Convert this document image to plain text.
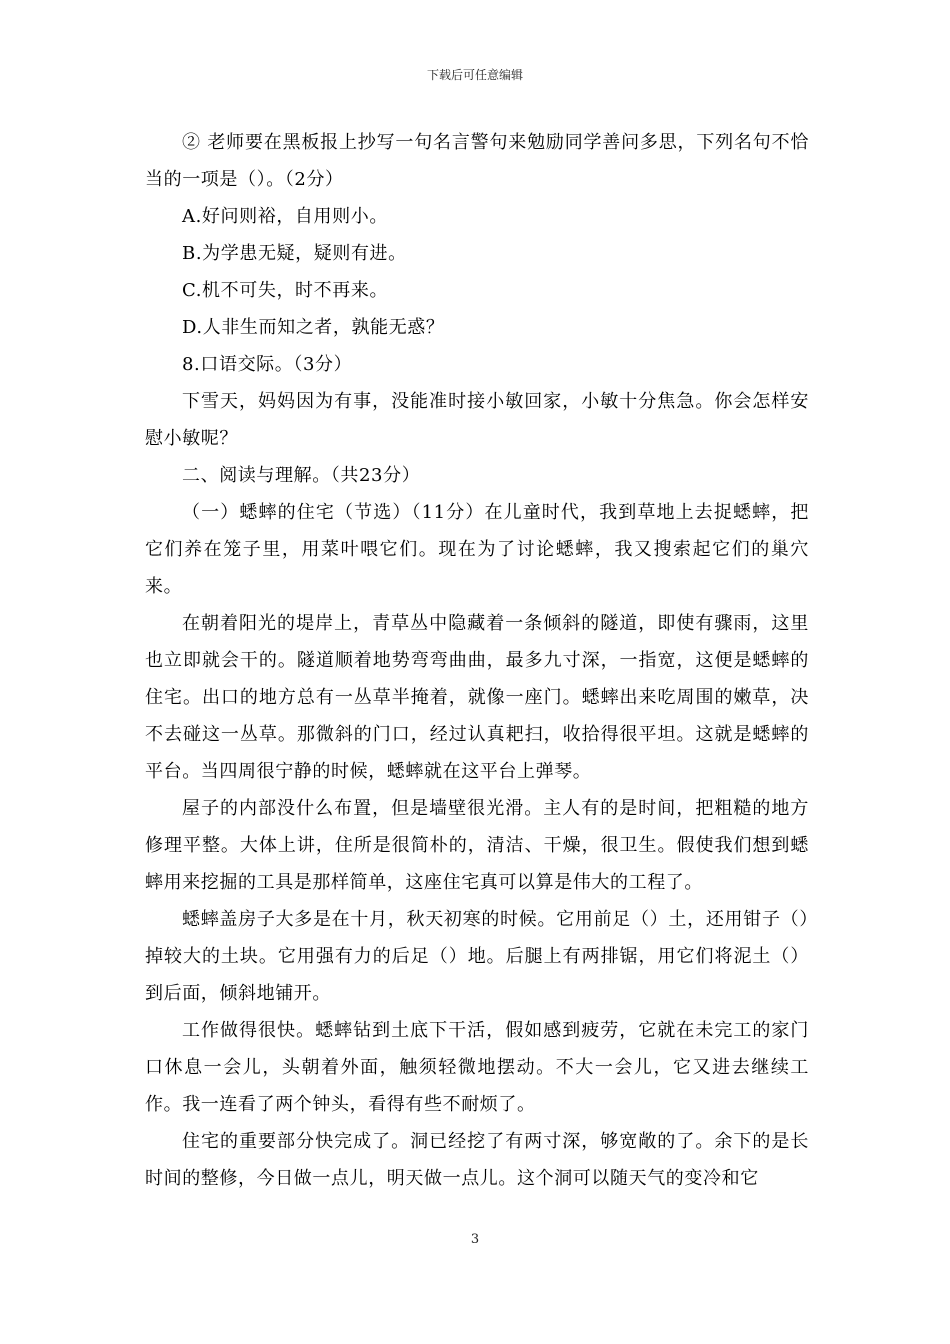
下载后可任意编辑

② 老师要在黑板报上抄写一句名言警句来勉励同学善问多思，下列名句不恰当的一项是（）。（2分）

A.好问则裕，自用则小。

B.为学患无疑，疑则有进。

C.机不可失，时不再来。

D.人非生而知之者，孰能无惑？

8.口语交际。（3分）

下雪天，妈妈因为有事，没能准时接小敏回家，小敏十分焦急。你会怎样安慰小敏呢？

二、阅读与理解。（共23分）

（一）蟋蟀的住宅（节选）（11分）在儿童时代，我到草地上去捉蟋蟀，把它们养在笼子里，用菜叶喂它们。现在为了讨论蟋蟀，我又搜索起它们的巢穴来。

在朝着阳光的堤岸上，青草丛中隐藏着一条倾斜的隧道，即使有骤雨，这里也立即就会干的。隧道顺着地势弯弯曲曲，最多九寸深，一指宽，这便是蟋蟀的住宅。出口的地方总有一丛草半掩着，就像一座门。蟋蟀出来吃周围的嫩草，决不去碰这一丛草。那微斜的门口，经过认真耙扫，收拾得很平坦。这就是蟋蟀的平台。当四周很宁静的时候，蟋蟀就在这平台上弹琴。

屋子的内部没什么布置，但是墙壁很光滑。主人有的是时间，把粗糙的地方修理平整。大体上讲，住所是很简朴的，清洁、干燥，很卫生。假使我们想到蟋蟀用来挖掘的工具是那样简单，这座住宅真可以算是伟大的工程了。

蟋蟀盖房子大多是在十月，秋天初寒的时候。它用前足（）土，还用钳子（）掉较大的土块。它用强有力的后足（）地。后腿上有两排锯，用它们将泥土（）到后面，倾斜地铺开。

工作做得很快。蟋蟀钻到土底下干活，假如感到疲劳，它就在未完工的家门口休息一会儿，头朝着外面，触须轻微地摆动。不大一会儿，它又进去继续工作。我一连看了两个钟头，看得有些不耐烦了。

住宅的重要部分快完成了。洞已经挖了有两寸深，够宽敞的了。余下的是长时间的整修，今日做一点儿，明天做一点儿。这个洞可以随天气的变冷和它

3
